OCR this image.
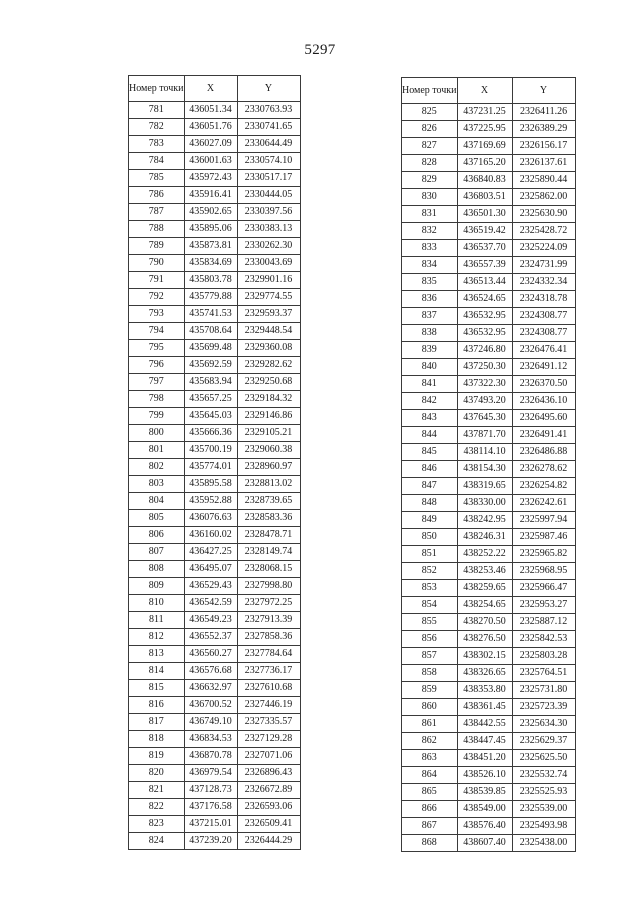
5297
Номер точки	X	Y
781	436051.34	2330763.93
782	436051.76	2330741.65
783	436027.09	2330644.49
784	436001.63	2330574.10
785	435972.43	2330517.17
786	435916.41	2330444.05
787	435902.65	2330397.56
788	435895.06	2330383.13
789	435873.81	2330262.30
790	435834.69	2330043.69
791	435803.78	2329901.16
792	435779.88	2329774.55
793	435741.53	2329593.37
794	435708.64	2329448.54
795	435699.48	2329360.08
796	435692.59	2329282.62
797	435683.94	2329250.68
798	435657.25	2329184.32
799	435645.03	2329146.86
800	435666.36	2329105.21
801	435700.19	2329060.38
802	435774.01	2328960.97
803	435895.58	2328813.02
804	435952.88	2328739.65
805	436076.63	2328583.36
806	436160.02	2328478.71
807	436427.25	2328149.74
808	436495.07	2328068.15
809	436529.43	2327998.80
810	436542.59	2327972.25
811	436549.23	2327913.39
812	436552.37	2327858.36
813	436560.27	2327784.64
814	436576.68	2327736.17
815	436632.97	2327610.68
816	436700.52	2327446.19
817	436749.10	2327335.57
818	436834.53	2327129.28
819	436870.78	2327071.06
820	436979.54	2326896.43
821	437128.73	2326672.89
822	437176.58	2326593.06
823	437215.01	2326509.41
824	437239.20	2326444.29
Номер точки	X	Y
825	437231.25	2326411.26
826	437225.95	2326389.29
827	437169.69	2326156.17
828	437165.20	2326137.61
829	436840.83	2325890.44
830	436803.51	2325862.00
831	436501.30	2325630.90
832	436519.42	2325428.72
833	436537.70	2325224.09
834	436557.39	2324731.99
835	436513.44	2324332.34
836	436524.65	2324318.78
837	436532.95	2324308.77
838	436532.95	2324308.77
839	437246.80	2326476.41
840	437250.30	2326491.12
841	437322.30	2326370.50
842	437493.20	2326436.10
843	437645.30	2326495.60
844	437871.70	2326491.41
845	438114.10	2326486.88
846	438154.30	2326278.62
847	438319.65	2326254.82
848	438330.00	2326242.61
849	438242.95	2325997.94
850	438246.31	2325987.46
851	438252.22	2325965.82
852	438253.46	2325968.95
853	438259.65	2325966.47
854	438254.65	2325953.27
855	438270.50	2325887.12
856	438276.50	2325842.53
857	438302.15	2325803.28
858	438326.65	2325764.51
859	438353.80	2325731.80
860	438361.45	2325723.39
861	438442.55	2325634.30
862	438447.45	2325629.37
863	438451.20	2325625.50
864	438526.10	2325532.74
865	438539.85	2325525.93
866	438549.00	2325539.00
867	438576.40	2325493.98
868	438607.40	2325438.00
